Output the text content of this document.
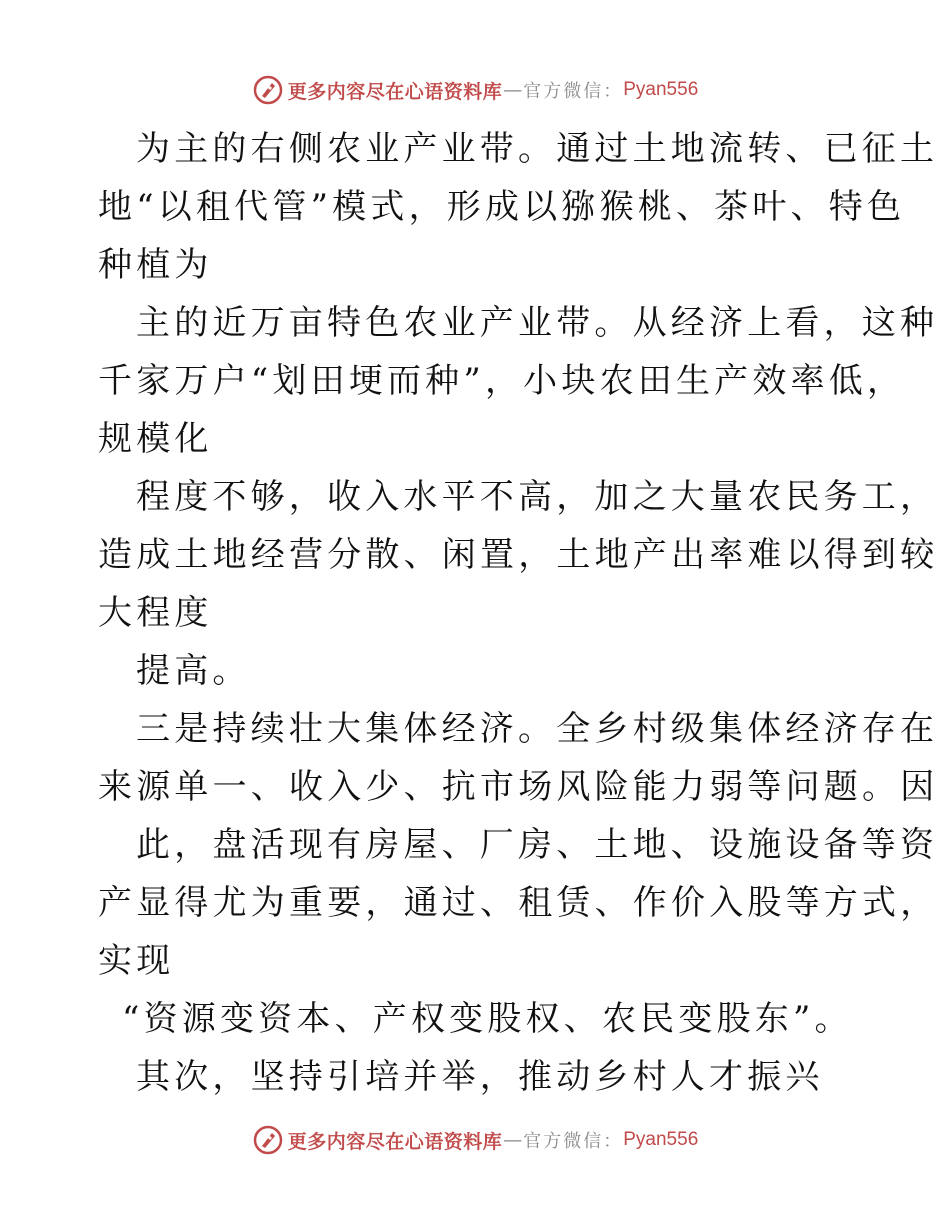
更多内容尽在心语资料库 — 官方微信： Pyan556
为主的右侧农业产业带。通过土地流转、已征土
地“以租代管”模式，形成以猕猴桃、茶叶、特色
种植为
主的近万亩特色农业产业带。从经济上看，这种
千家万户“划田埂而种”，小块农田生产效率低，
规模化
程度不够，收入水平不高，加之大量农民务工，
造成土地经营分散、闲置，土地产出率难以得到较
大程度
提高。
三是持续壮大集体经济。全乡村级集体经济存在
来源单一、收入少、抗市场风险能力弱等问题。因
此，盘活现有房屋、厂房、土地、设施设备等资
产显得尤为重要，通过、租赁、作价入股等方式，
实现
“资源变资本、产权变股权、农民变股东”。
其次，坚持引培并举，推动乡村人才振兴
更多内容尽在心语资料库 — 官方微信： Pyan556
